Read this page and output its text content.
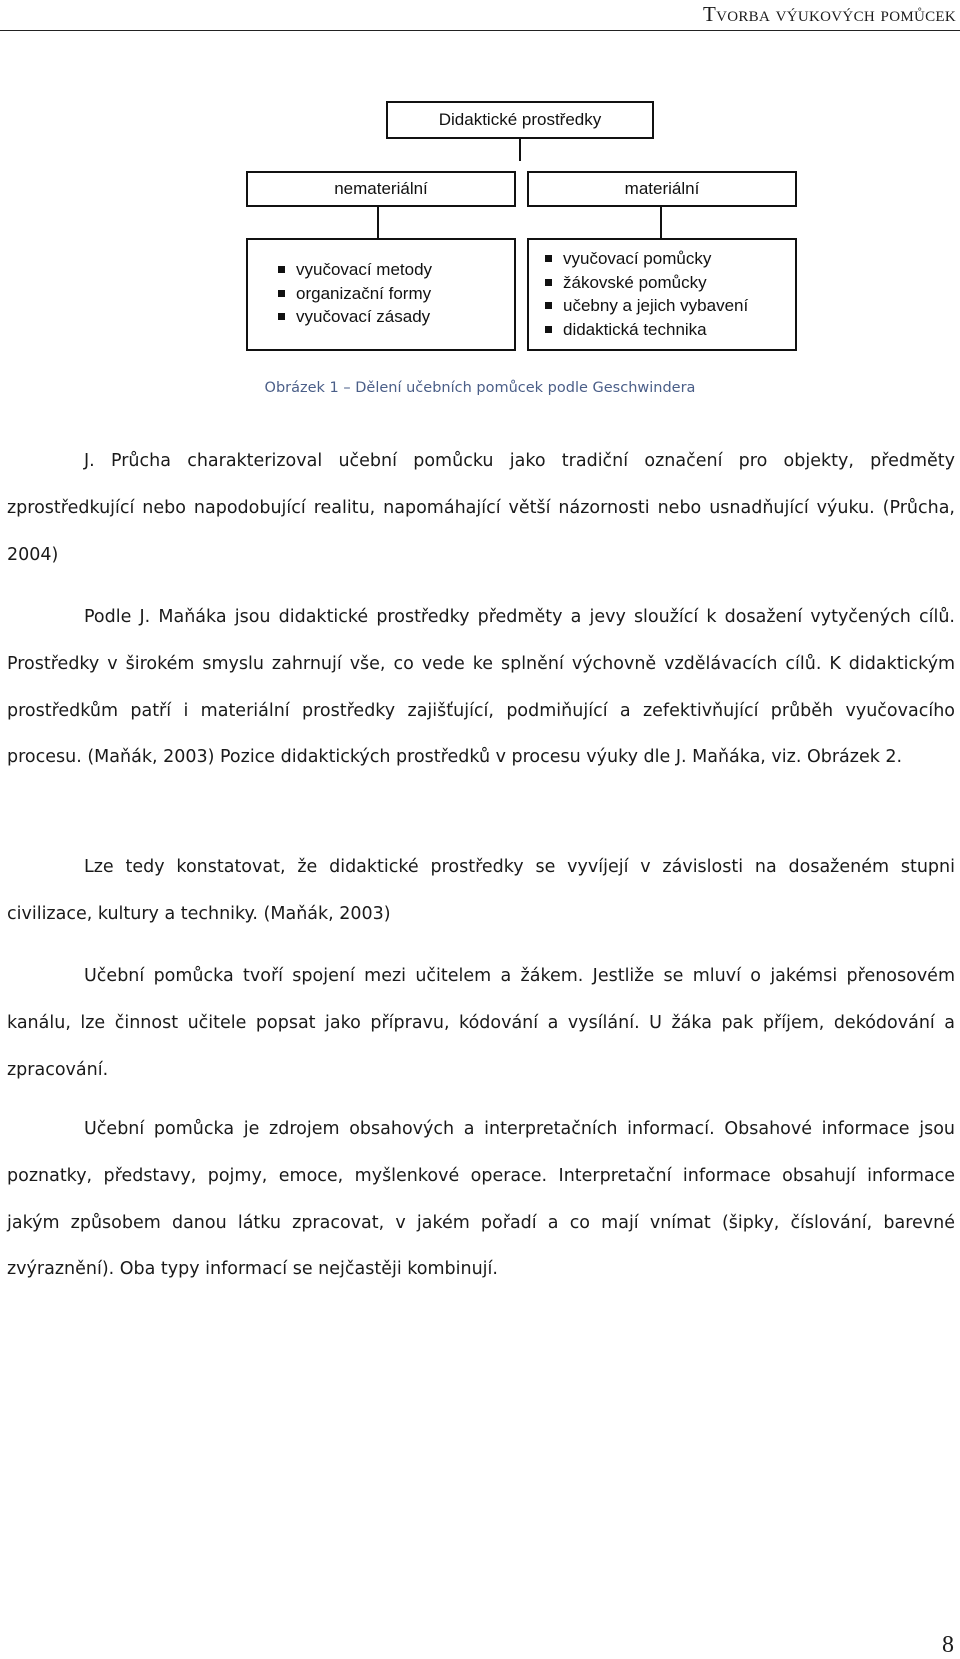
Tvorba výukových pomůcek
Didaktické prostředky
nemateriální	materiální
vyučovací metody
organizační formy
vyučovací zásady
vyučovací pomůcky
žákovské pomůcky
učebny a jejich vybavení
didaktická technika
Obrázek 1 – Dělení učebních pomůcek podle Geschwindera

J. Průcha charakterizoval učební pomůcku jako tradiční označení pro objekty, předměty zprostředkující nebo napodobující realitu, napomáhající větší názornosti nebo usnadňující výuku. (Průcha, 2004)

Podle J. Maňáka jsou didaktické prostředky předměty a jevy sloužící k dosažení vytyčených cílů. Prostředky v širokém smyslu zahrnují vše, co vede ke splnění výchovně vzdělávacích cílů. K didaktickým prostředkům patří i materiální prostředky zajišťující, podmiňující a zefektivňující průběh vyučovacího procesu. (Maňák, 2003) Pozice didaktických prostředků v procesu výuky dle J. Maňáka, viz. Obrázek 2.

Lze tedy konstatovat, že didaktické prostředky se vyvíjejí v závislosti na dosaženém stupni civilizace, kultury a techniky. (Maňák, 2003)

Učební pomůcka tvoří spojení mezi učitelem a žákem. Jestliže se mluví o jakémsi přenosovém kanálu, lze činnost učitele popsat jako přípravu, kódování a vysílání. U žáka pak příjem, dekódování a zpracování.

Učební pomůcka je zdrojem obsahových a interpretačních informací. Obsahové informace jsou poznatky, představy, pojmy, emoce, myšlenkové operace. Interpretační informace obsahují informace jakým způsobem danou látku zpracovat, v jakém pořadí a co mají vnímat (šipky, číslování, barevné zvýraznění). Oba typy informací se nejčastěji kombinují.

8
